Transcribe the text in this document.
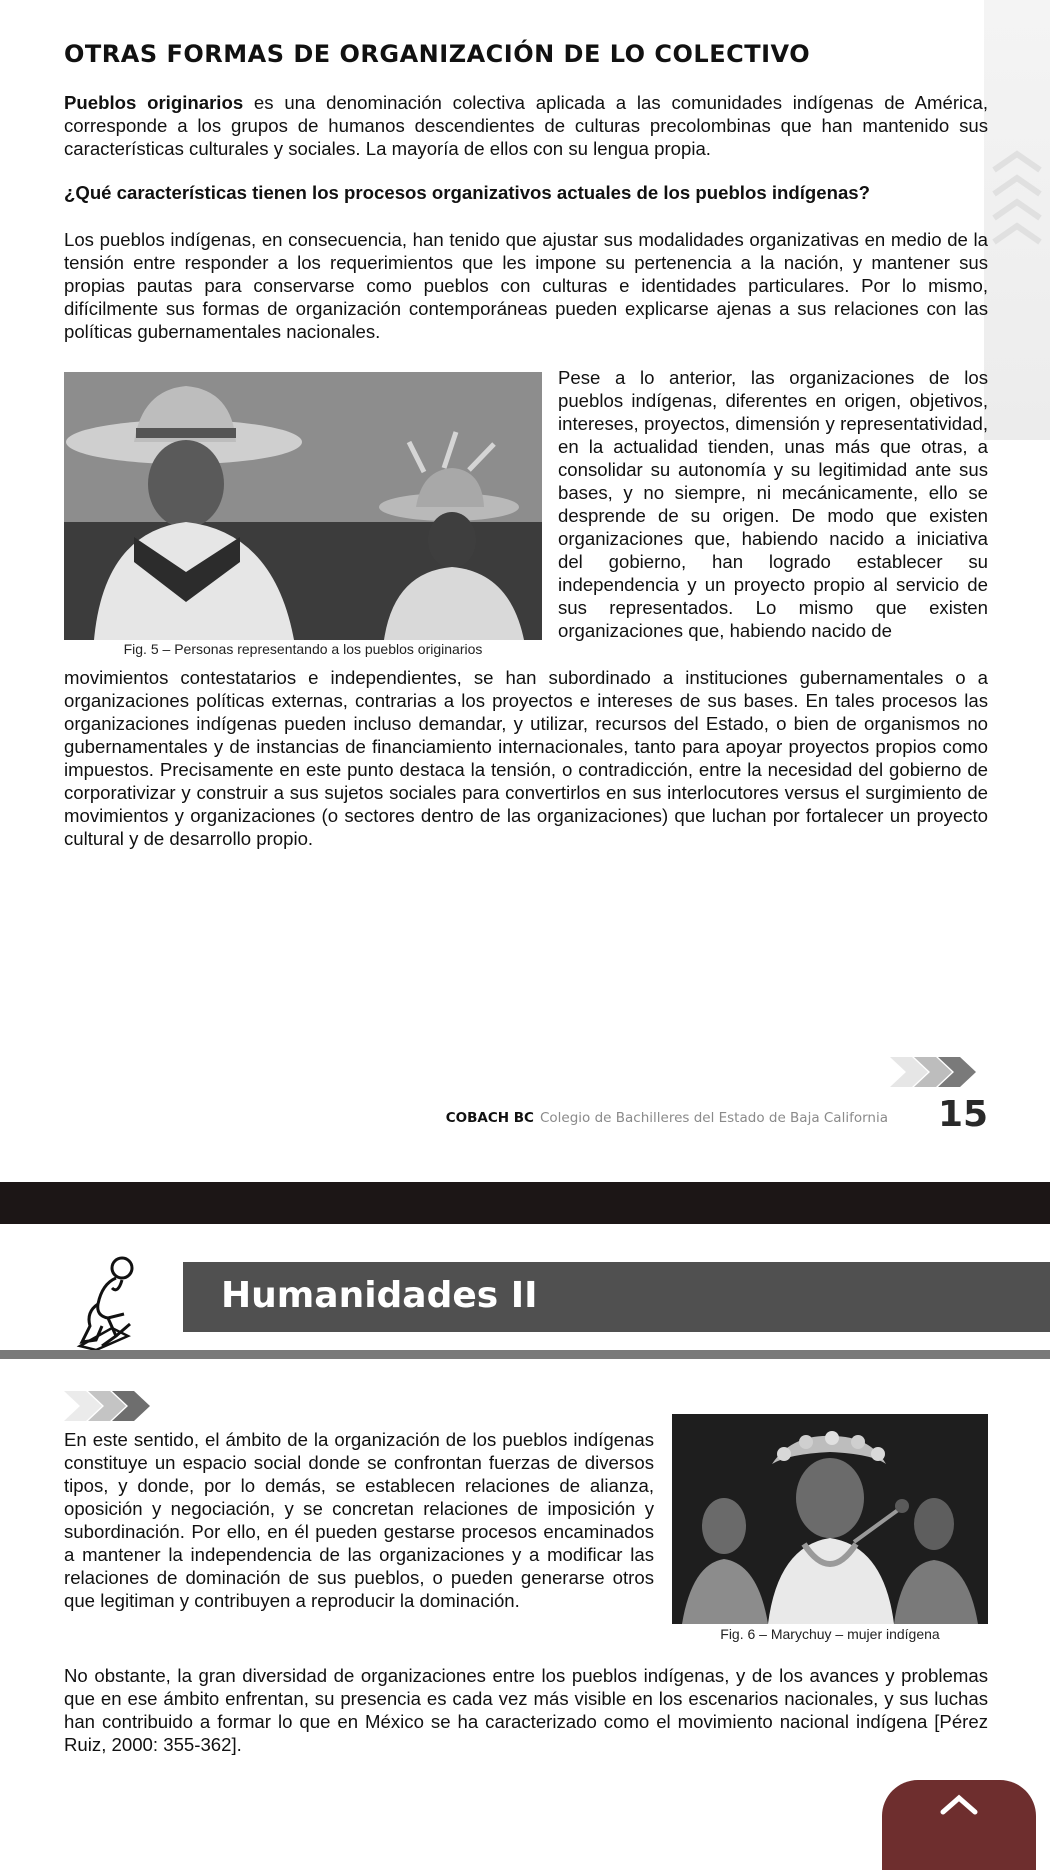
OTRAS FORMAS DE ORGANIZACIÓN DE LO COLECTIVO

Pueblos originarios es una denominación colectiva aplicada a las comunidades indígenas de América, corresponde a los grupos de humanos descendientes de culturas precolombinas que han mantenido sus características culturales y sociales. La mayoría de ellos con su lengua propia.

¿Qué características tienen los procesos organizativos actuales de los pueblos indígenas?

Los pueblos indígenas, en consecuencia, han tenido que ajustar sus modalidades organizativas en medio de la tensión entre responder a los requerimientos que les impone su pertenencia a la nación, y mantener sus propias pautas para conservarse como pueblos con culturas e identidades particulares. Por lo mismo, difícilmente sus formas de organización contemporáneas pueden explicarse ajenas a sus relaciones con las políticas gubernamentales nacionales.

Fig. 5 – Personas representando a los pueblos originarios

Pese a lo anterior, las organizaciones de los pueblos indígenas, diferentes en origen, objetivos, intereses, proyectos, dimensión y representatividad, en la actualidad tienden, unas más que otras, a consolidar su autonomía y su legitimidad ante sus bases, y no siempre, ni mecánicamente, ello se desprende de su origen. De modo que existen organizaciones que, habiendo nacido a iniciativa del gobierno, han logrado establecer su independencia y un proyecto propio al servicio de sus representados. Lo mismo que existen organizaciones que, habiendo nacido de

movimientos contestatarios e independientes, se han subordinado a instituciones gubernamentales o a organizaciones políticas externas, contrarias a los proyectos e intereses de sus bases. En tales procesos las organizaciones indígenas pueden incluso demandar, y utilizar, recursos del Estado, o bien de organismos no gubernamentales y de instancias de financiamiento internacionales, tanto para apoyar proyectos propios como impuestos. Precisamente en este punto destaca la tensión, o contradicción, entre la necesidad del gobierno de corporativizar y construir a sus sujetos sociales para convertirlos en sus interlocutores versus el surgimiento de movimientos y organizaciones (o sectores dentro de las organizaciones) que luchan por fortalecer un proyecto cultural y de desarrollo propio.

COBACH BC Colegio de Bachilleres del Estado de Baja California 15
Humanidades II

En este sentido, el ámbito de la organización de los pueblos indígenas constituye un espacio social donde se confrontan fuerzas de diversos tipos, y donde, por lo demás, se establecen relaciones de alianza, oposición y negociación, y se concretan relaciones de imposición y subordinación. Por ello, en él pueden gestarse procesos encaminados a mantener la independencia de las organizaciones y a modificar las relaciones de dominación de sus pueblos, o pueden generarse otros que legitiman y contribuyen a reproducir la dominación.

Fig. 6 – Marychuy – mujer indígena

No obstante, la gran diversidad de organizaciones entre los pueblos indígenas, y de los avances y problemas que en ese ámbito enfrentan, su presencia es cada vez más visible en los escenarios nacionales, y sus luchas han contribuido a formar lo que en México se ha caracterizado como el movimiento nacional indígena [Pérez Ruiz, 2000: 355-362].
